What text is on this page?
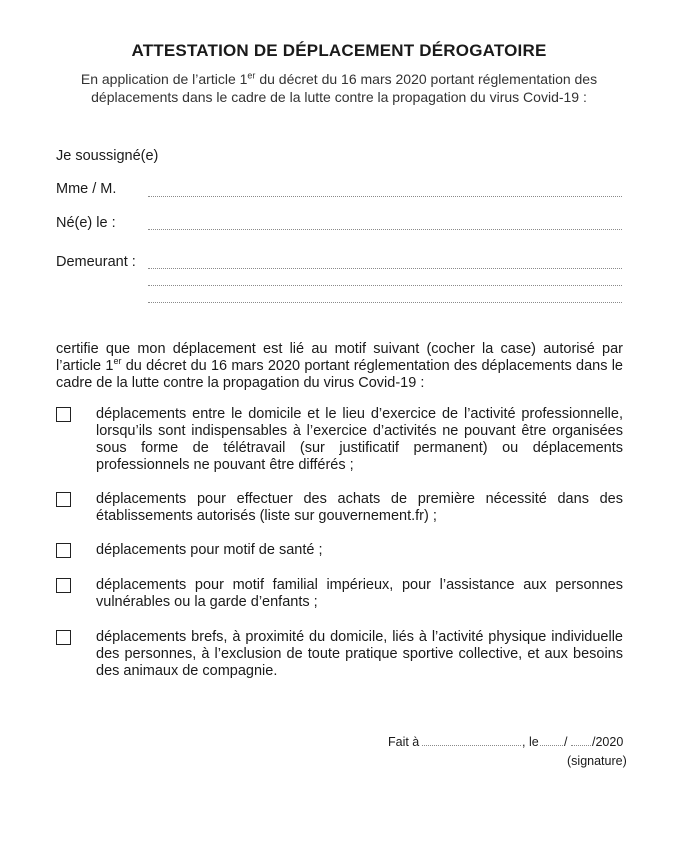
ATTESTATION DE DÉPLACEMENT DÉROGATOIRE
En application de l’article 1er du décret du 16 mars 2020 portant réglementation des déplacements dans le cadre de la lutte contre la propagation du virus Covid-19 :
Je soussigné(e)
Mme / M.
Né(e) le :
Demeurant :
certifie que mon déplacement est lié au motif suivant (cocher la case) autorisé par l’article 1er du décret du 16 mars 2020 portant réglementation des déplacements dans le cadre de la lutte contre la propagation du virus Covid-19 :
déplacements entre le domicile et le lieu d’exercice de l’activité professionnelle, lorsqu’ils sont indispensables à l’exercice d’activités ne pouvant être organisées sous forme de télétravail (sur justificatif permanent) ou déplacements professionnels ne pouvant être différés ;
déplacements pour effectuer des achats de première nécessité dans des établissements autorisés (liste sur gouvernement.fr) ;
déplacements pour motif de santé ;
déplacements pour motif familial impérieux, pour l’assistance aux personnes vulnérables ou la garde d’enfants ;
déplacements brefs, à proximité du domicile, liés à l’activité physique individuelle des personnes, à l’exclusion de toute pratique sportive collective, et aux besoins des animaux de compagnie.
Fait à	, le / /2020
(signature)
